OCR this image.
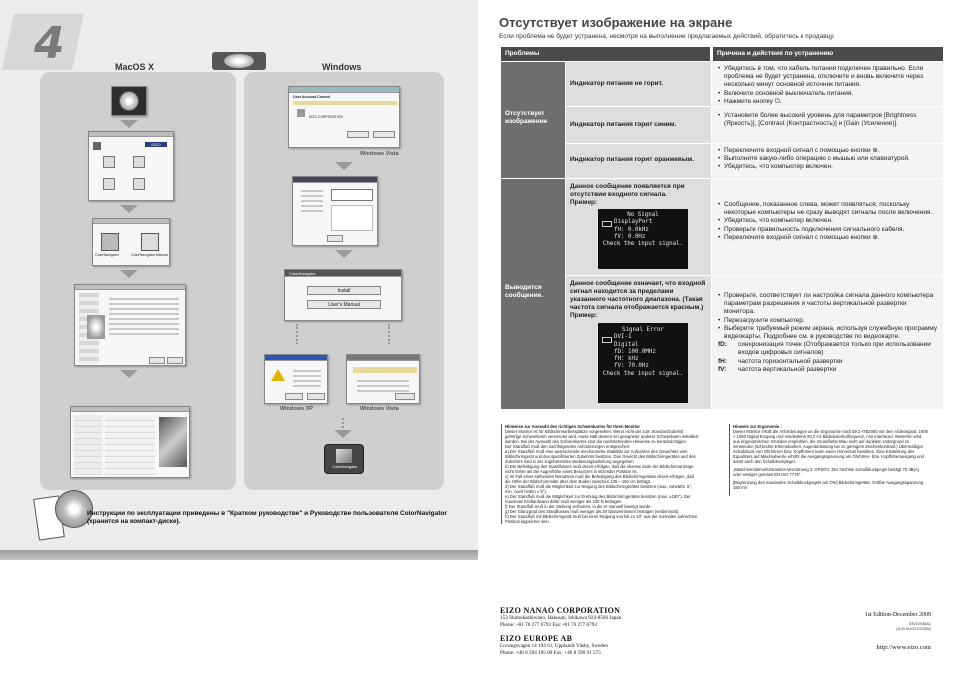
4	MacOS X	Windows
EIZO
ColorNavigator	ColorNavigator Manual
User Account Control
EIZO CORPORATION
Windows Vista
ColorNavigator
Install
User's Manual
Windows XP	Windows Vista
ColorNavigator
Инструкции по эксплуатации приведены в "Кратком руководстве" и Руководстве пользователя ColorNavigator (хранится на компакт-диске).
Отсутствует изображение на экране
Если проблема не будет устранена, несмотря на выполнение предлагаемых действий, обратитесь к продавцу.
Проблемы	Причина и действия по устранению
Отсутствует изображение
Индикатор питания не горит.
• Убедитесь в том, что кабель питания подключен правильно. Если проблема не будет устранена, отключите и вновь включите через несколько минут основной источник питания.
• Включите основной выключатель питания.
• Нажмите кнопку ⏻.
Индикатор питания горит синим.
• Установите более высокий уровень для параметров [Brightness (Яркость)], [Contrast (Контрастность)] и [Gain (Усиление)].
Индикатор питания горит оранжевым.
• Переключите входной сигнал с помощью кнопки ⊕.
• Выполните какую-либо операцию с мышью или клавиатурой.
• Убедитесь, что компьютер включен.
Выводится сообщение.
Данное сообщение появляется при отсутствии входного сигнала.
Пример:
No Signal
DisplayPort
fH: 0.0kHz
fV: 0.0Hz
Check the input signal.
• Сообщение, показанное слева, может появляться, поскольку некоторые компьютеры не сразу выводят сигналы после включения.
• Убедитесь, что компьютер включен.
• Проверьте правильность подключения сигнального кабеля.
• Переключите входной сигнал с помощью кнопки ⊕.
Данное сообщение означает, что входной сигнал находится за пределами указанного частотного диапазона. (Такая частота сигнала отображается красным.)
Пример:
Signal Error
DVI-1
Digital
fD: 100.0MHz
fH: kHz
fV: 70.0Hz
Check the input signal.
• Проверьте, соответствует ли настройка сигнала данного компьютера параметрам разрешения и частоты вертикальной развертки монитора.
• Перезагрузите компьютер.
• Выберите требуемый режим экрана, используя служебную программу видеокарты. Подробнее см. в руководстве по видеокарте.
fD: синхронизация точек (Отображается только при использовании входов цифровых сигналов)
fH: частота горизонтальной развертки
fV: частота вертикальной развертки
Hinweise zur Auswahl des richtigen Schwenkarms für Ihren Monitor
Dieser Monitor ist für Bildschirmarbeitsplätze vorgesehen. Wenn nicht der zum Standardzubehör gehörige Schwenkarm verwendet wird, muss statt dessen ein geeigneter anderer Schwenkarm installiert werden. Bei der Auswahl des Schwenkarms sind die nachstehenden Hinweise zu berücksichtigen:
Der Standfuß muß den nachfolgenden Anforderungen entsprechen:
a) Der Standfuß muß eine ausreichende mechanische Stabilität zur Aufnahme des Gewichtes vom Bildschirmgerät und des spezifizierten Zubehörs besitzen. Das Gewicht des Bildschirmgerätes und des Zubehörs sind in der zugehörenden Bedienungsanleitung angegeben.
b) Die Befestigung des Standfusses muß derart erfolgen, daß die oberste Zeile der Bildschirmanzeige nicht höher als die Augenhöhe eines Benutzers in sitzender Position ist.
c) Im Fall eines stehenden Benutzers muß die Befestigung des Bildschirmgerätes derart erfolgen, daß die Höhe der Bildschirmmitte über dem Boden zwischen 135 – 150 cm beträgt.
d) Der Standfuß muß die Möglichkeit zur Neigung des Bildschirmgerätes besitzen (max. vorwärts: 5°, min. nach hinten ≥ 5°).
e) Der Standfuß muß die Möglichkeit zur Drehung des Bildschirmgerätes besitzen (max. ±180°). Der maximale Kraftaufwand dafür muß weniger als 100 N betragen.
f) Der Standfuß muß in der Stellung verharren, in die er manuell bewegt wurde.
g) Der Glanzgrad des Standfusses muß weniger als 20 Glanzeinheiten betragen (seidenmatt).
h) Der Standfuß mit Bildschirmgerät muß bei einer Neigung von bis zu 10° aus der normalen aufrechten Position kippsicher sein.
Hinweis zur Ergonomie :
Dieser Monitor erfüllt die Anforderungen an die Ergonomie nach EK1-ITB2000 mit dem Videosignal, 1600 × 1050 Digital Eingang und mindestens 60,0 Hz Bildwiederholfrequenz, non interlaced. Weiterhin wird aus ergonomischen Gründen empfohlen, die Grundfarbe Blau nicht auf dunklem Untergrund zu verwenden (schlechte Erkennbarkeit, Augenbelastung bei zu geringem Zeichenkontrast.) Übermäßiger Schalldruck von Ohrhörern bzw. Kopfhörern kann einen Hörverlust bewirken. Eine Einstellung des Equalizers auf Maximalwerte erhöht die Ausgangsspannung am Ohrhörer- bzw. Kopfhörerausgang und damit auch den Schalldruckpegel.
„Maschinenlärminformations-Verordnung 3. GPSGV: Der höchste Schalldruckpegel beträgt 70 dB(A) oder weniger gemäss EN ISO 7779"
[Begrenzung des maximalen Schalldruckpegels am Ohr] Bildschirmgeräte: Größte Ausgangsspannung 150 mV
EIZO NANAO CORPORATION
153 Shimokashiwano, Hakusan, Ishikawa 924-8566 Japan
Phone: +81 76 277 6792 Fax:+81 76 277 6793
EIZO EUROPE AB
Lovangsvagen 14 194 61, Upplands Väsby, Sweden
Phone: +46 8 594 105 00 Fax: +46 8 590 91 575
1st Edition-December 2009
03V22938A1
(U.M-SUGCG223W)
http://www.eizo.com
